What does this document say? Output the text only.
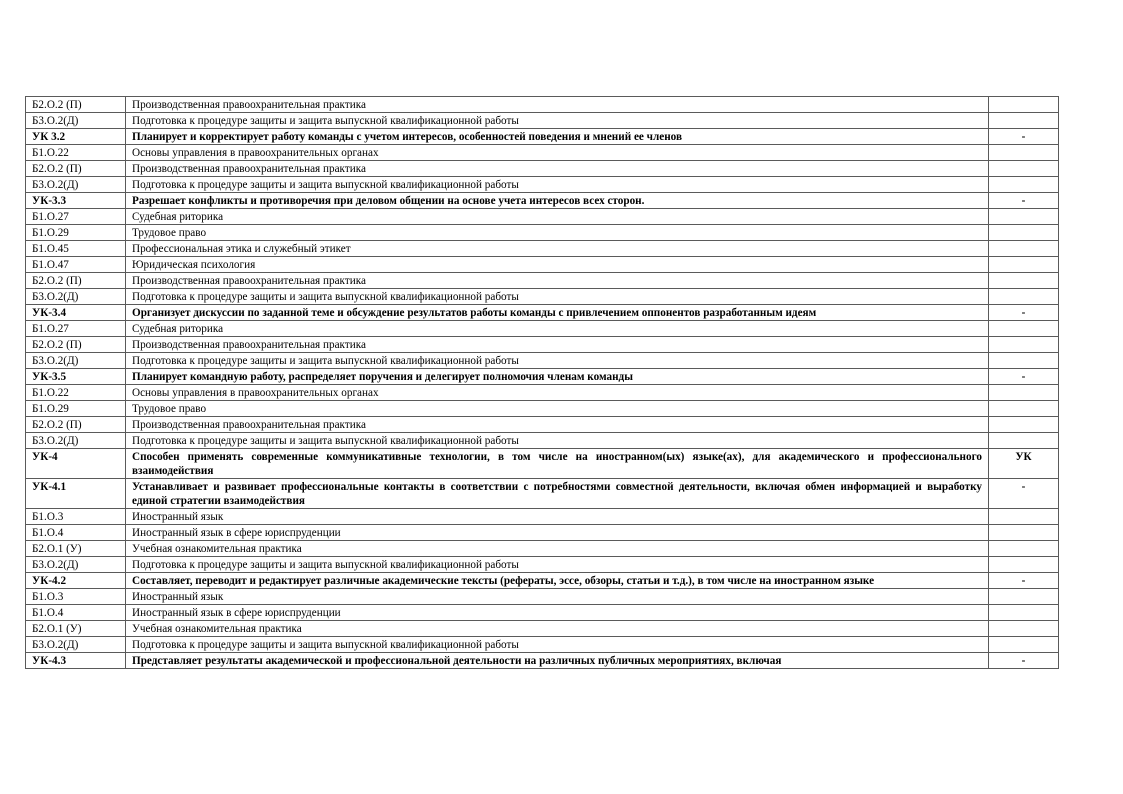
Б2.О.2 (П)	Производственная правоохранительная практика	
Б3.О.2(Д)	Подготовка к процедуре защиты и защита выпускной квалификационной работы	
УК 3.2	Планирует и корректирует работу команды с учетом интересов, особенностей поведения и мнений ее членов	-
Б1.О.22	Основы управления в правоохранительных органах	
Б2.О.2 (П)	Производственная правоохранительная практика	
Б3.О.2(Д)	Подготовка к процедуре защиты и защита выпускной квалификационной работы	
УК-3.3	Разрешает конфликты и противоречия при деловом общении на основе учета интересов всех сторон.	-
Б1.О.27	Судебная риторика	
Б1.О.29	Трудовое право	
Б1.О.45	Профессиональная этика и служебный этикет	
Б1.О.47	Юридическая психология	
Б2.О.2 (П)	Производственная правоохранительная практика	
Б3.О.2(Д)	Подготовка к процедуре защиты и защита выпускной квалификационной работы	
УК-3.4	Организует дискуссии по заданной теме и обсуждение результатов работы команды с привлечением оппонентов разработанным идеям	-
Б1.О.27	Судебная риторика	
Б2.О.2 (П)	Производственная правоохранительная практика	
Б3.О.2(Д)	Подготовка к процедуре защиты и защита выпускной квалификационной работы	
УК-3.5	Планирует командную работу, распределяет поручения и делегирует полномочия членам команды	-
Б1.О.22	Основы управления в правоохранительных органах	
Б1.О.29	Трудовое право	
Б2.О.2 (П)	Производственная правоохранительная практика	
Б3.О.2(Д)	Подготовка к процедуре защиты и защита выпускной квалификационной работы	
УК-4	Способен применять современные коммуникативные технологии, в том числе на иностранном(ых) языке(ах), для академического и профессионального взаимодействия	УК
УК-4.1	Устанавливает и развивает профессиональные контакты в соответствии с потребностями совместной деятельности, включая обмен информацией и выработку единой стратегии взаимодействия	-
Б1.О.3	Иностранный язык	
Б1.О.4	Иностранный язык в сфере юриспруденции	
Б2.О.1 (У)	Учебная ознакомительная практика	
Б3.О.2(Д)	Подготовка к процедуре защиты и защита выпускной квалификационной работы	
УК-4.2	Составляет, переводит и редактирует различные академические тексты (рефераты, эссе, обзоры, статьи и т.д.), в том числе на иностранном языке	-
Б1.О.3	Иностранный язык	
Б1.О.4	Иностранный язык в сфере юриспруденции	
Б2.О.1 (У)	Учебная ознакомительная практика	
Б3.О.2(Д)	Подготовка к процедуре защиты и защита выпускной квалификационной работы	
УК-4.3	Представляет результаты академической и профессиональной деятельности на различных публичных мероприятиях, включая	-
